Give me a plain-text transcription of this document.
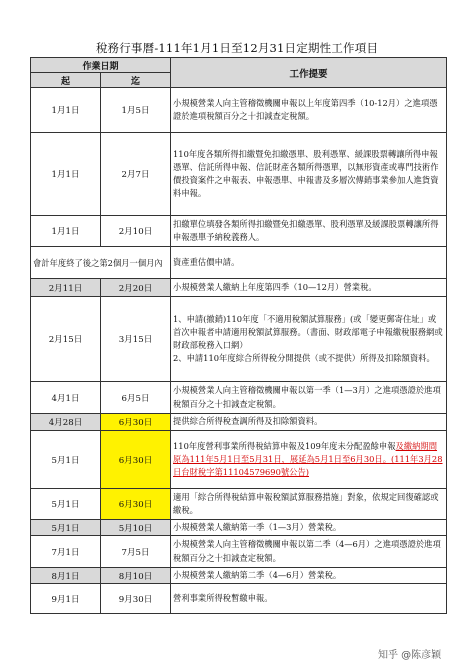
稅務行事曆-111年1月1日至12月31日定期性工作項目
作業日期		工作提要
起	迄	
1月1日	1月5日	小規模營業人向主管稽徵機關申報以上年度第四季（10-12月）之進項憑證於進項稅額百分之十扣減查定稅額。
1月1日	2月7日	110年度各類所得扣繳暨免扣繳憑單、股利憑單、緩課股票轉讓所得申報憑單、信託所得申報、信託財產各類所得憑單，以無形資產或專門技術作價投資案件之申報表、申報憑單、申報書及多層次傳銷事業參加人進貨資料申報。
1月1日	2月10日	扣繳單位填發各類所得扣繳暨免扣繳憑單、股利憑單及緩課股票轉讓所得申報憑單予納稅義務人。
會計年度終了後之第2個月一個月內		資產重估價申請。
2月11日	2月20日	小規模營業人繳納上年度第四季（10—12月）營業稅。
2月15日	3月15日	1、申請(撤銷)110年度「不適用稅額試算服務」(或「變更郵寄住址」或首次申報者申請適用稅額試算服務。（書面、財政部電子申報繳稅服務網或財政部稅務入口網）
2、申請110年度綜合所得稅分開提供（或不提供）所得及扣除額資料。

4月1日	6月5日	小規模營業人向主管稽徵機關申報以第一季（1—3月）之進項憑證於進項稅額百分之十扣減查定稅額。
4月28日	6月30日	提供綜合所得稅查調所得及扣除額資料。
5月1日	6月30日	110年度營利事業所得稅結算申報及109年度未分配盈餘申報及繳納期間原為111年5月1日至5月31日，展延為5月1日至6月30日。(111年3月28日台財稅字第11104579690號公告)
5月1日	6月30日	適用「綜合所得稅結算申報稅額試算服務措施」對象，依規定回復確認或繳稅。
5月1日	5月10日	小規模營業人繳納第一季（1—3月）營業稅。
7月1日	7月5日	小規模營業人向主管稽徵機關申報以第二季（4—6月）之進項憑證於進項稅額百分之十扣減查定稅額。
8月1日	8月10日	小規模營業人繳納第二季（4—6月）營業稅。
9月1日	9月30日	營利事業所得稅暫繳申報。
知乎 @陈彦颖
